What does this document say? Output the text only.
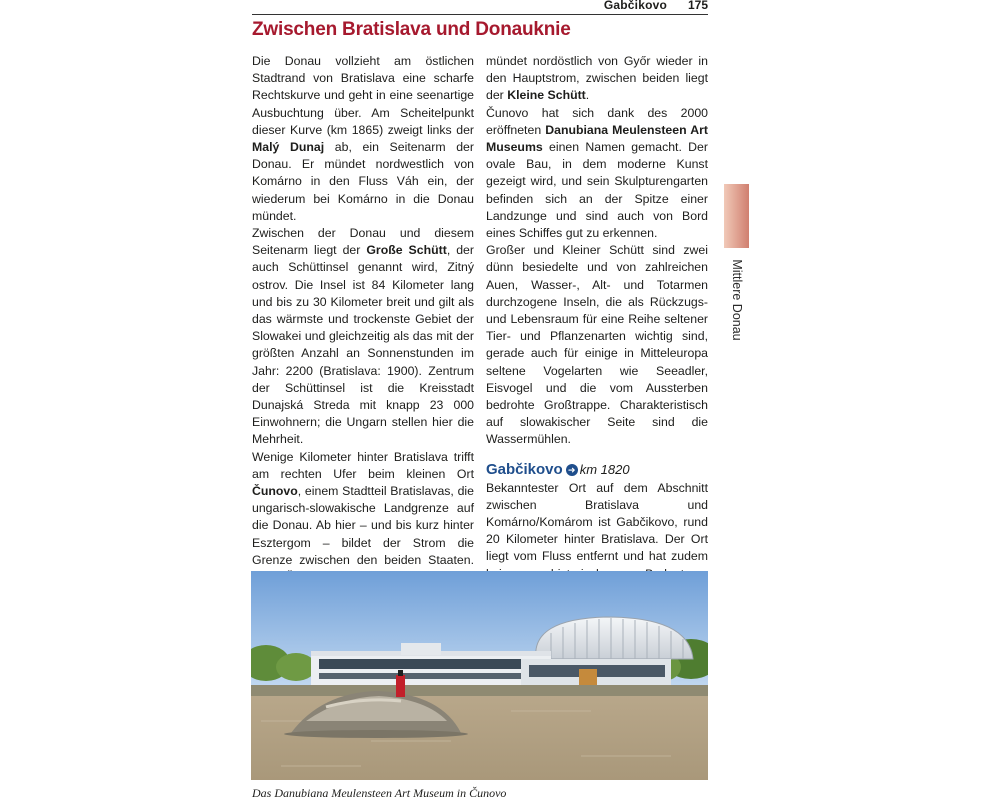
Gabčikovo 175
Zwischen Bratislava und Donauknie

Die Donau vollzieht am östlichen Stadtrand von Bratislava eine scharfe Rechtskurve und geht in eine seenartige Ausbuchtung über. Am Scheitelpunkt dieser Kurve (km 1865) zweigt links der Malý Dunaj ab, ein Seitenarm der Donau. Er mündet nordwestlich von Komárno in den Fluss Váh ein, der wiederum bei Komárno in die Donau mündet.

Zwischen der Donau und diesem Seitenarm liegt der Große Schütt, der auch Schüttinsel genannt wird, Zitný ostrov. Die Insel ist 84 Kilometer lang und bis zu 30 Kilometer breit und gilt als das wärmste und trockenste Gebiet der Slowakei und gleichzeitig als das mit der größten Anzahl an Sonnenstunden im Jahr: 2200 (Bratislava: 1900). Zentrum der Schüttinsel ist die Kreisstadt Dunajská Streda mit knapp 23 000 Einwohnern; die Ungarn stellen hier die Mehrheit.

Wenige Kilometer hinter Bratislava trifft am rechten Ufer beim kleinen Ort Čunovo, einem Stadtteil Bratislavas, die ungarisch-slowakische Landgrenze auf die Donau. Ab hier – und bis kurz hinter Esztergom – bildet der Strom die Grenze zwischen den beiden Staaten.

mündet nordöstlich von Győr wieder in den Hauptstrom, zwischen beiden liegt der Kleine Schütt.

Čunovo hat sich dank des 2000 eröffneten Danubiana Meulensteen Art Museums einen Namen gemacht. Der ovale Bau, in dem moderne Kunst gezeigt wird, und sein Skulpturengarten befinden sich an der Spitze einer Landzunge und sind auch von Bord eines Schiffes gut zu erkennen.

Großer und Kleiner Schütt sind zwei dünn besiedelte und von zahlreichen Auen, Wasser-, Alt- und Totarmen durchzogene Inseln, die als Rückzugs- und Lebensraum für eine Reihe seltener Tier- und Pflanzenarten wichtig sind, gerade auch für einige in Mitteleuropa seltene Vogelarten wie Seeadler, Eisvogel und die vom Aussterben bedrohte Großtrappe. Charakteristisch auf slowakischer Seite sind die Wassermühlen.

Gabčikovo ➜ km 1820

Bekanntester Ort auf dem Abschnitt zwischen Bratislava und Komárno/Komárom ist Gabčikovo, rund 20 Kilometer hinter Bratislava. Der Ort liegt vom Fluss entfernt und hat zudem

Mittlere Donau
Das Danubiana Meulensteen Art Museum in Čunovo
